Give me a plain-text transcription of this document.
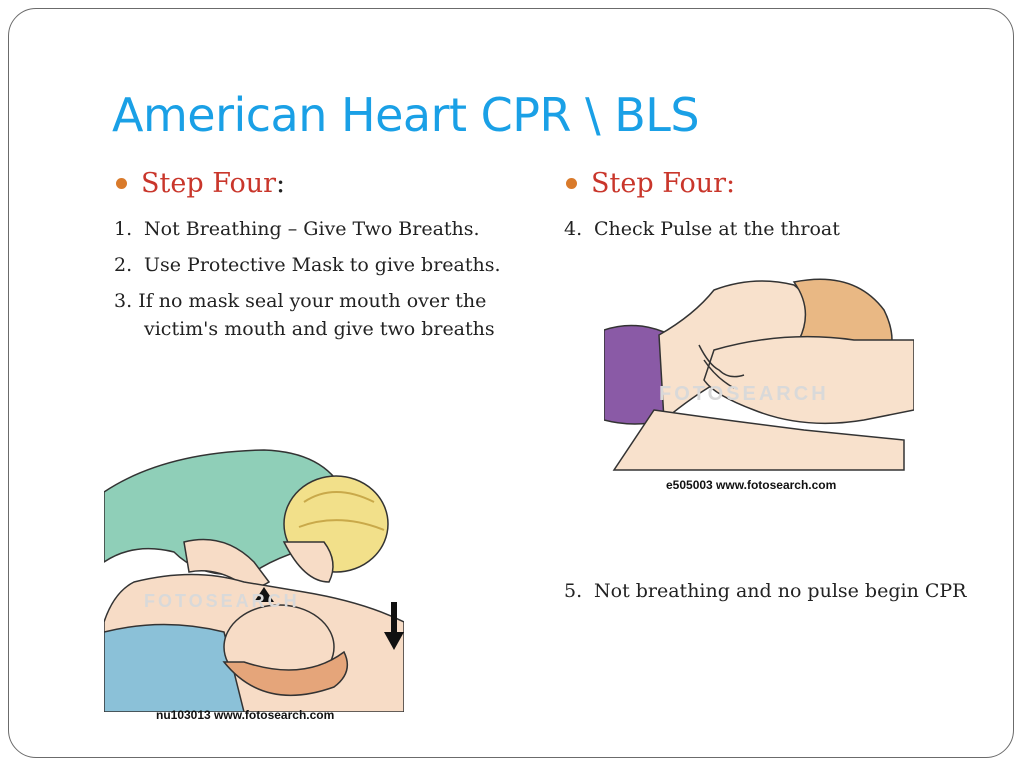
American Heart CPR \ BLS
Step Four :
1. Not Breathing – Give Two Breaths.
2. Use Protective Mask to give breaths.
3. If no mask seal your mouth over the
victim's mouth and give two breaths
FOTOSEARCH
nu103013 www.fotosearch.com
Step Four:
4. Check Pulse at the throat
FOTOSEARCH
e505003 www.fotosearch.com
5. Not breathing and no pulse begin CPR
